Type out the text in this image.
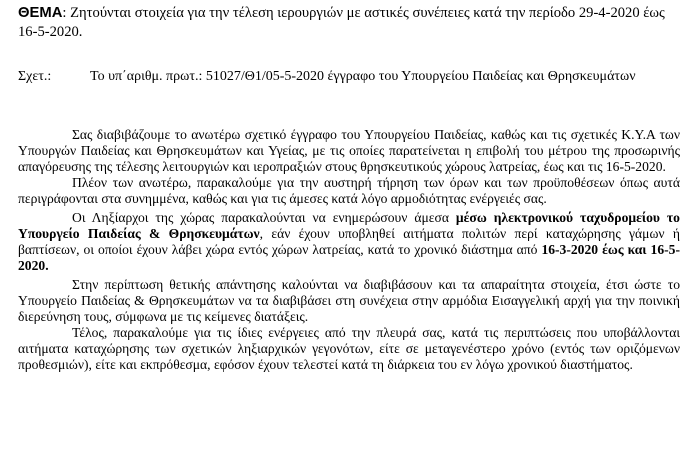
ΘΕΜΑ: Ζητούνται στοιχεία για την τέλεση ιερουργιών με αστικές συνέπειες κατά την περίοδο 29-4-2020 έως 16-5-2020.
Σχετ.:	Το υπ΄αριθμ. πρωτ.: 51027/Θ1/05-5-2020 έγγραφο του Υπουργείου Παιδείας και Θρησκευμάτων

Σας διαβιβάζουμε το ανωτέρω σχετικό έγγραφο του Υπουργείου Παιδείας, καθώς και τις σχετικές Κ.Υ.Α των Υπουργών Παιδείας και Θρησκευμάτων και Υγείας, με τις οποίες παρατείνεται η επιβολή του μέτρου της προσωρινής απαγόρευσης της τέλεσης λειτουργιών και ιεροπραξιών στους θρησκευτικούς χώρους λατρείας, έως και τις 16-5-2020.

Πλέον των ανωτέρω, παρακαλούμε για την αυστηρή τήρηση των όρων και των προϋποθέσεων όπως αυτά περιγράφονται στα συνημμένα, καθώς και για τις άμεσες κατά λόγο αρμοδιότητας ενέργειές σας.

Οι Ληξίαρχοι της χώρας παρακαλούνται να ενημερώσουν άμεσα μέσω ηλεκτρονικού ταχυδρομείου το Υπουργείο Παιδείας & Θρησκευμάτων, εάν έχουν υποβληθεί αιτήματα πολιτών περί καταχώρησης γάμων ή βαπτίσεων, οι οποίοι έχουν λάβει χώρα εντός χώρων λατρείας, κατά το χρονικό διάστημα από 16-3-2020 έως και 16-5-2020.

Στην περίπτωση θετικής απάντησης καλούνται να διαβιβάσουν και τα απαραίτητα στοιχεία, έτσι ώστε το Υπουργείο Παιδείας & Θρησκευμάτων να τα διαβιβάσει στη συνέχεια στην αρμόδια Εισαγγελική αρχή για την ποινική διερεύνηση τους, σύμφωνα με τις κείμενες διατάξεις.

Τέλος, παρακαλούμε για τις ίδιες ενέργειες από την πλευρά σας, κατά τις περιπτώσεις που υποβάλλονται αιτήματα καταχώρησης των σχετικών ληξιαρχικών γεγονότων, είτε σε μεταγενέστερο χρόνο (εντός των οριζόμενων προθεσμιών), είτε και εκπρόθεσμα, εφόσον έχουν τελεστεί κατά τη διάρκεια του εν λόγω χρονικού διαστήματος.
